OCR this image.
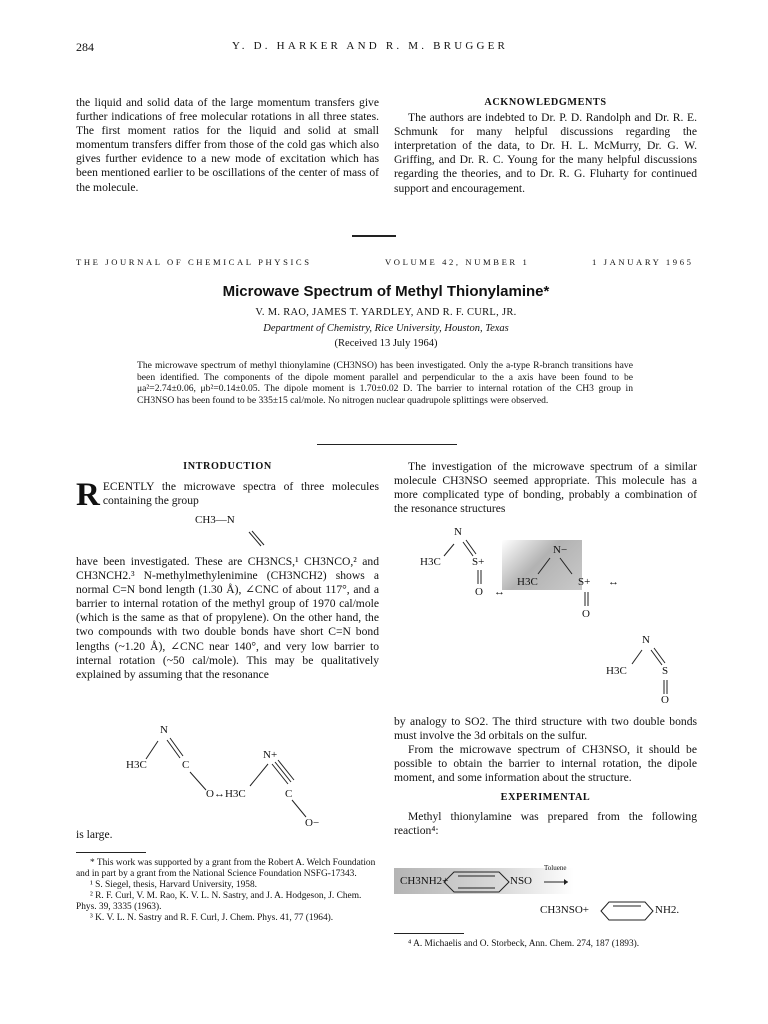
284	Y. D. HARKER AND R. M. BRUGGER

the liquid and solid data of the large momentum transfers give further indications of free molecular rotations in all three states. The first moment ratios for the liquid and solid at small momentum transfers differ from those of the cold gas which also gives further evidence to a new mode of excitation which has been mentioned earlier to be oscillations of the center of mass of the molecule.

ACKNOWLEDGMENTS

The authors are indebted to Dr. P. D. Randolph and Dr. R. E. Schmunk for many helpful discussions regarding the interpretation of the data, to Dr. H. L. McMurry, Dr. G. W. Griffing, and Dr. R. C. Young for the many helpful discussions regarding the theories, and to Dr. R. G. Fluharty for continued support and encouragement.

THE JOURNAL OF CHEMICAL PHYSICS	VOLUME 42, NUMBER 1	1 JANUARY 1965
Microwave Spectrum of Methyl Thionylamine*
V. M. RAO, JAMES T. YARDLEY, AND R. F. CURL, JR.
Department of Chemistry, Rice University, Houston, Texas
(Received 13 July 1964)
The microwave spectrum of methyl thionylamine (CH3NSO) has been investigated. Only the a-type R-branch transitions have been identified. The components of the dipole moment parallel and perpendicular to the a axis have been found to be μa²=2.74±0.06, μb²=0.14±0.05. The dipole moment is 1.70±0.02 D. The barrier to internal rotation of the CH3 group in CH3NSO has been found to be 335±15 cal/mole. No nitrogen nuclear quadrupole splittings were observed.
INTRODUCTION

R ECENTLY the microwave spectra of three molecules containing the group

CH3—N

have been investigated. These are CH3NCS,¹ CH3NCO,² and CH3NCH2.³ N-methylmethylenimine (CH3NCH2) shows a normal C=N bond length (1.30 Å), ∠CNC of about 117°, and a barrier to internal rotation of the methyl group of 1970 cal/mole (which is the same as that of propylene). On the other hand, the two compounds with two double bonds have short C=N bond lengths (~1.20 Å), ∠CNC near 140°, and very low barrier to internal rotation (~50 cal/mole). This may be qualitatively explained by assuming that the resonance

N
H3C	C
N+
O↔H3C	C
O−
is large.

* This work was supported by a grant from the Robert A. Welch Foundation and in part by a grant from the National Science Foundation NSFG-17343.

¹ S. Siegel, thesis, Harvard University, 1958.

² R. F. Curl, V. M. Rao, K. V. L. N. Sastry, and J. A. Hodgeson, J. Chem. Phys. 39, 3335 (1963).

³ K. V. L. N. Sastry and R. F. Curl, J. Chem. Phys. 41, 77 (1964).

The investigation of the microwave spectrum of a similar molecule CH3NSO seemed appropriate. This molecule has a more complicated type of bonding, probably a combination of the resonance structures

N
H3C	S+
O ↔
N−
H3C	S+ ↔
O
N
H3C	S
O

by analogy to SO2. The third structure with two double bonds must involve the 3d orbitals on the sulfur.

From the microwave spectrum of CH3NSO, it should be possible to obtain the barrier to internal rotation, the dipole moment, and some information about the structure.

EXPERIMENTAL

Methyl thionylamine was prepared from the following reaction⁴:

CH3NH2+	NSO
Toluene
CH3NSO+	NH2.

⁴ A. Michaelis and O. Storbeck, Ann. Chem. 274, 187 (1893).
